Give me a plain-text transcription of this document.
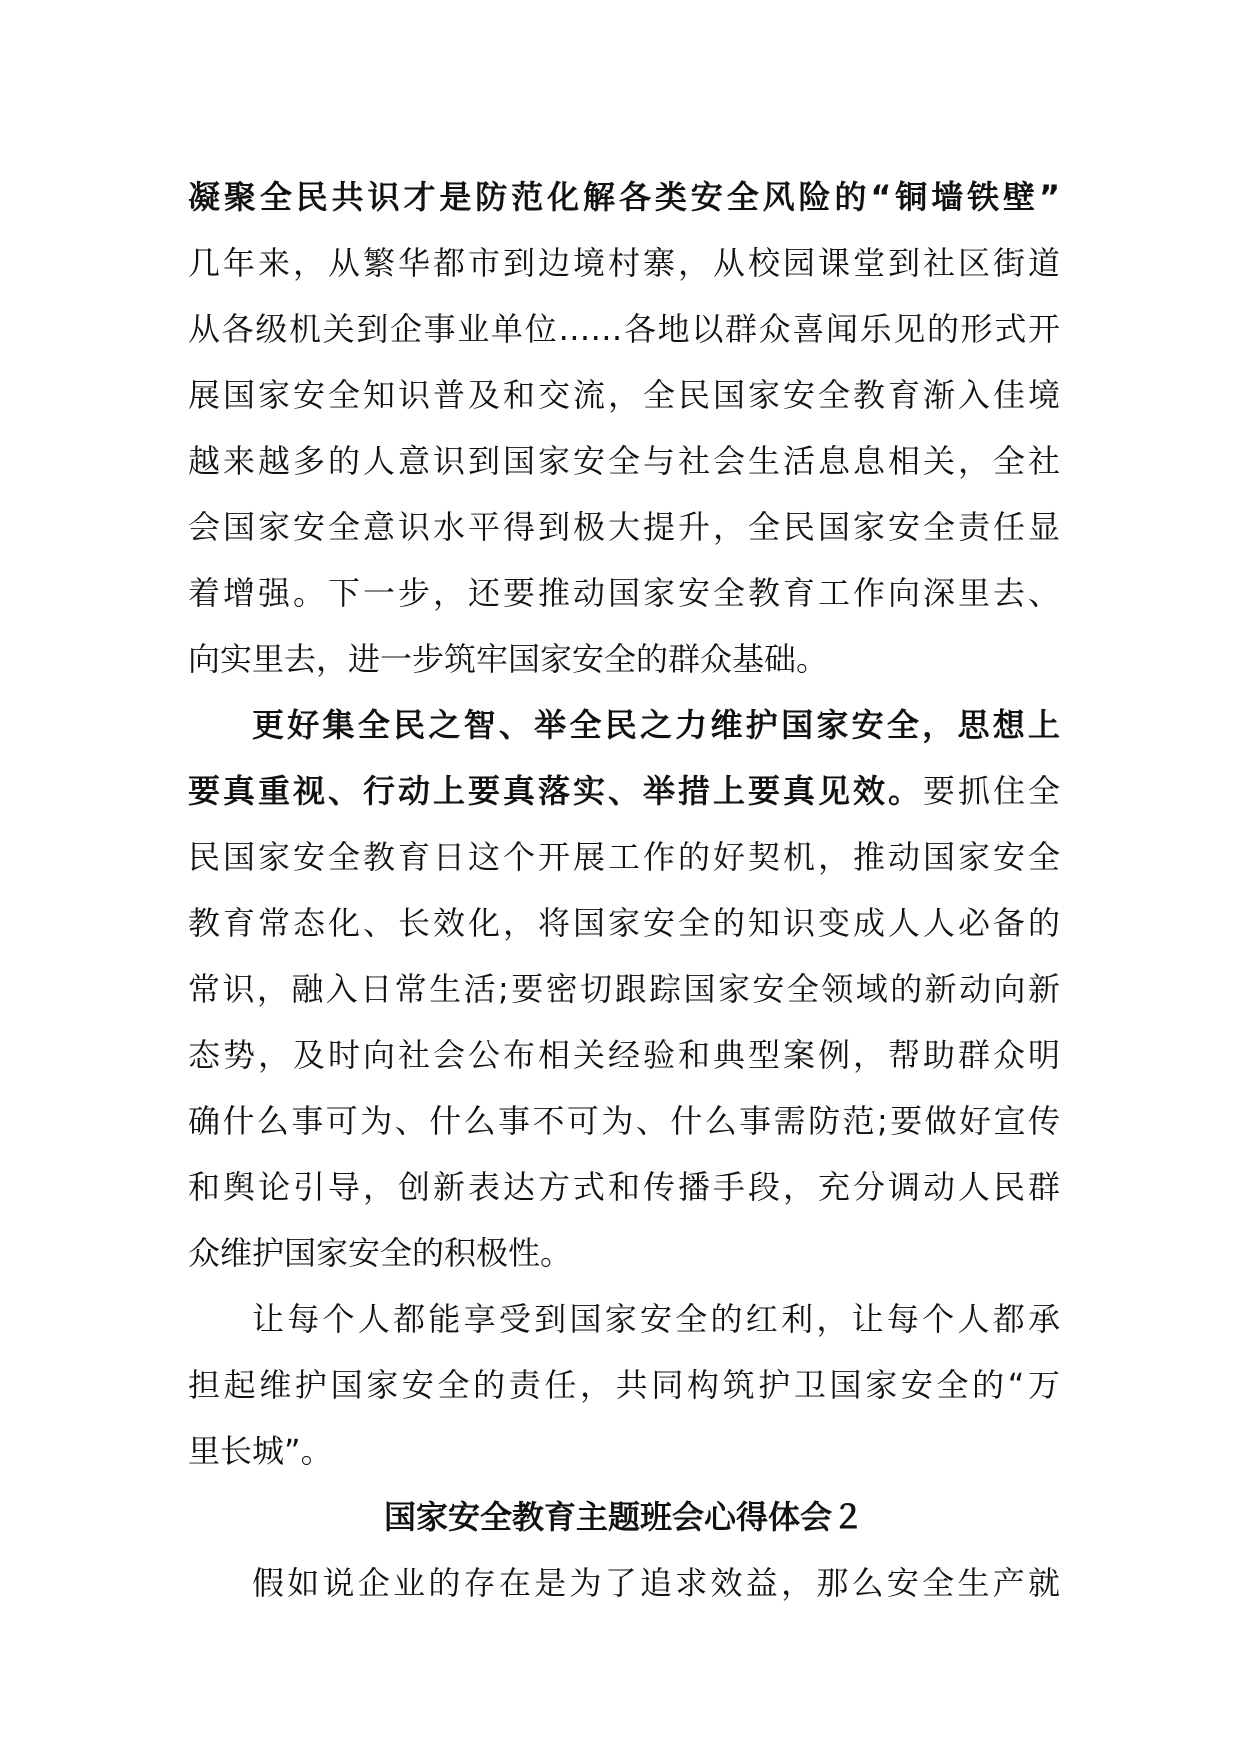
凝聚全民共识才是防范化解各类安全风险的“铜墙铁壁”
几年来，从繁华都市到边境村寨，从校园课堂到社区街道
从各级机关到企事业单位……各地以群众喜闻乐见的形式开
展国家安全知识普及和交流，全民国家安全教育渐入佳境
越来越多的人意识到国家安全与社会生活息息相关，全社
会国家安全意识水平得到极大提升，全民国家安全责任显
着增强。下一步，还要推动国家安全教育工作向深里去、
向实里去，进一步筑牢国家安全的群众基础。
更好集全民之智、举全民之力维护国家安全，思想上
要真重视、行动上要真落实、举措上要真见效。要抓住全
民国家安全教育日这个开展工作的好契机，推动国家安全
教育常态化、长效化，将国家安全的知识变成人人必备的
常识，融入日常生活;要密切跟踪国家安全领域的新动向新
态势，及时向社会公布相关经验和典型案例，帮助群众明
确什么事可为、什么事不可为、什么事需防范;要做好宣传
和舆论引导，创新表达方式和传播手段，充分调动人民群
众维护国家安全的积极性。
让每个人都能享受到国家安全的红利，让每个人都承
担起维护国家安全的责任，共同构筑护卫国家安全的“万
里长城”。
国家安全教育主题班会心得体会２
假如说企业的存在是为了追求效益，那么安全生产就
